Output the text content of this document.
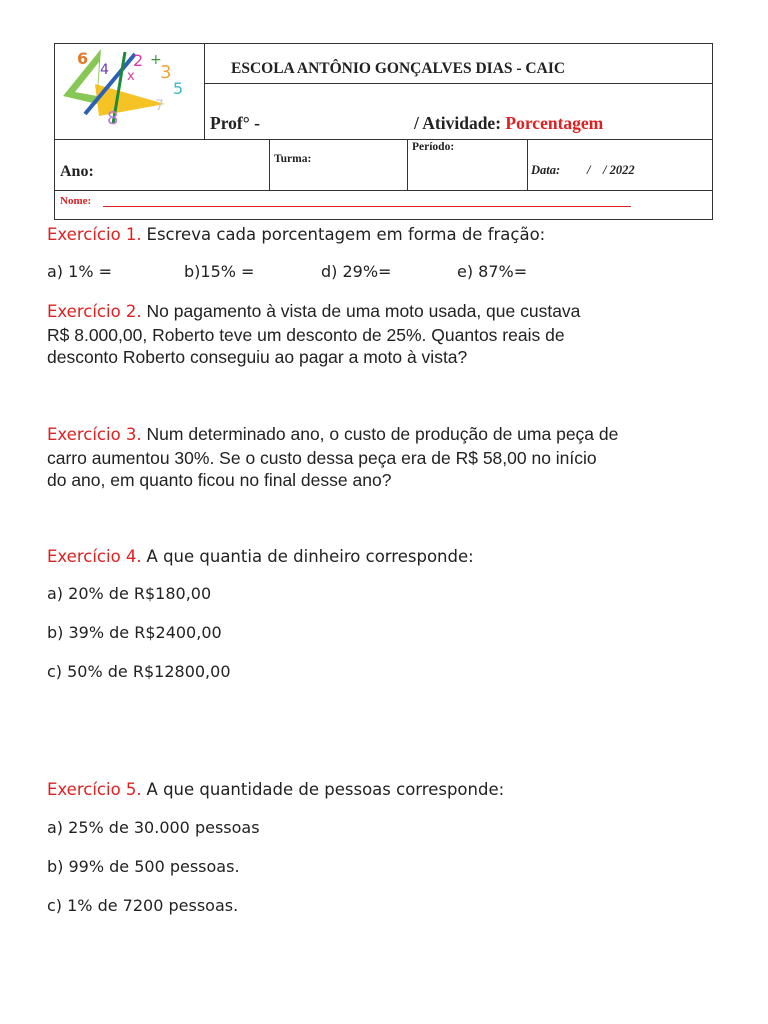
6
4 2 +
3
x
5
8
7
ESCOLA ANTÔNIO GONÇALVES DIAS - CAIC
Prof° -	/ Atividade: Porcentagem
Ano:
Turma:
Período:
Data: /    / 2022
Nome:
Exercício 1. Escreva cada porcentagem em forma de fração:
a) 1% =	b)15% =	d) 29%=	e) 87%=
Exercício 2. No pagamento à vista de uma moto usada, que custava
R$ 8.000,00, Roberto teve um desconto de 25%. Quantos reais de
desconto Roberto conseguiu ao pagar a moto à vista?
Exercício 3. Num determinado ano, o custo de produção de uma peça de
carro aumentou 30%. Se o custo dessa peça era de R$ 58,00 no início
do ano, em quanto ficou no final desse ano?
Exercício 4. A que quantia de dinheiro corresponde:
a) 20% de R$180,00
b) 39% de R$2400,00
c) 50% de R$12800,00
Exercício 5. A que quantidade de pessoas corresponde:
a) 25% de 30.000 pessoas
b) 99% de 500 pessoas.
c) 1% de 7200 pessoas.
